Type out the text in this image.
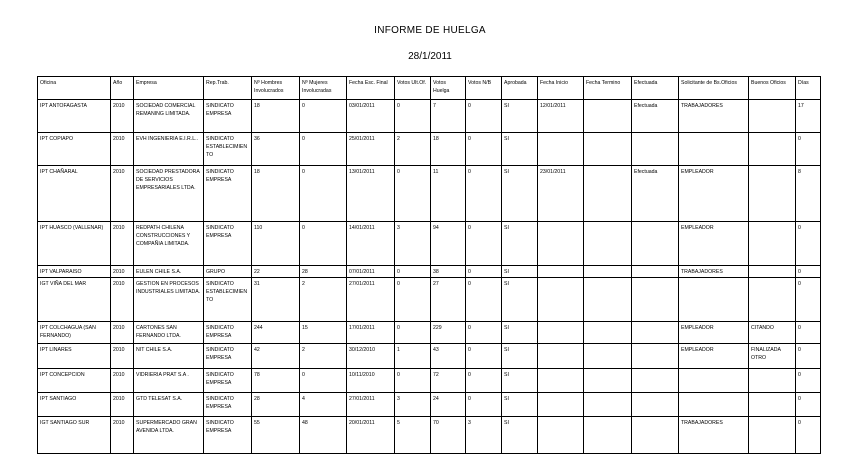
INFORME DE HUELGA
28/1/2011
Oficina	Año	Empresa	Rep.Trab.	Nº Hombres Involucrados	Nº Mujeres Involucradas	Fecha Esc. Final	Votos Ult.Of.	Votos Huelga	Votos N/B	Aprobada	Fecha Inicio	Fecha Termino	Efectuada	Solicitante de Bs.Oficios	Buenos Oficios	Días
IPT ANTOFAGASTA	2010	SOCIEDAD COMERCIAL REMANING LIMITADA.	SINDICATO EMPRESA	18	0	03/01/2011	0	7	0	SI	12/01/2011		Efectuada	TRABAJADORES		17
IPT COPIAPO	2010	EVH INGENIERIA E.I.R.L..	SINDICATO ESTABLECIMIENTO	36	0	25/01/2011	2	18	0	SI						0
IPT CHAÑARAL	2010	SOCIEDAD PRESTADORA DE SERVICIOS EMPRESARIALES LTDA.	SINDICATO EMPRESA	18	0	13/01/2011	0	11	0	SI	23/01/2011		Efectuada	EMPLEADOR		8
IPT HUASCO (VALLENAR)	2010	REDPATH CHILENA CONSTRUCCIONES Y COMPAÑIA LIMITADA.	SINDICATO EMPRESA	110	0	14/01/2011	3	94	0	SI				EMPLEADOR		0
IPT VALPARAISO	2010	EULEN CHILE S.A.	GRUPO	22	28	07/01/2011	0	38	0	SI				TRABAJADORES		0
IGT VIÑA DEL MAR	2010	GESTION EN PROCESOS INDUSTRIALES LIMITADA.	SINDICATO ESTABLECIMIENTO	31	2	27/01/2011	0	27	0	SI						0
IPT COLCHAGUA (SAN FERNANDO)	2010	CARTONES SAN FERNANDO LTDA.	SINDICATO EMPRESA	244	15	17/01/2011	0	229	0	SI				EMPLEADOR	CITANDO	0
IPT LINARES	2010	NIT CHILE S.A.	SINDICATO EMPRESA	42	2	30/12/2010	1	43	0	SI				EMPLEADOR	FINALIZADA OTRO	0
IPT CONCEPCION	2010	VIDRIERIA PRAT S.A .	SINDICATO EMPRESA	78	0	10/11/2010	0	72	0	SI						0
IPT SANTIAGO	2010	GTD TELESAT S.A.	SINDICATO EMPRESA	28	4	27/01/2011	3	24	0	SI						0
IGT SANTIAGO SUR	2010	SUPERMERCADO GRAN AVENIDA LTDA.	SINDICATO EMPRESA	55	48	20/01/2011	5	70	3	SI				TRABAJADORES		0
